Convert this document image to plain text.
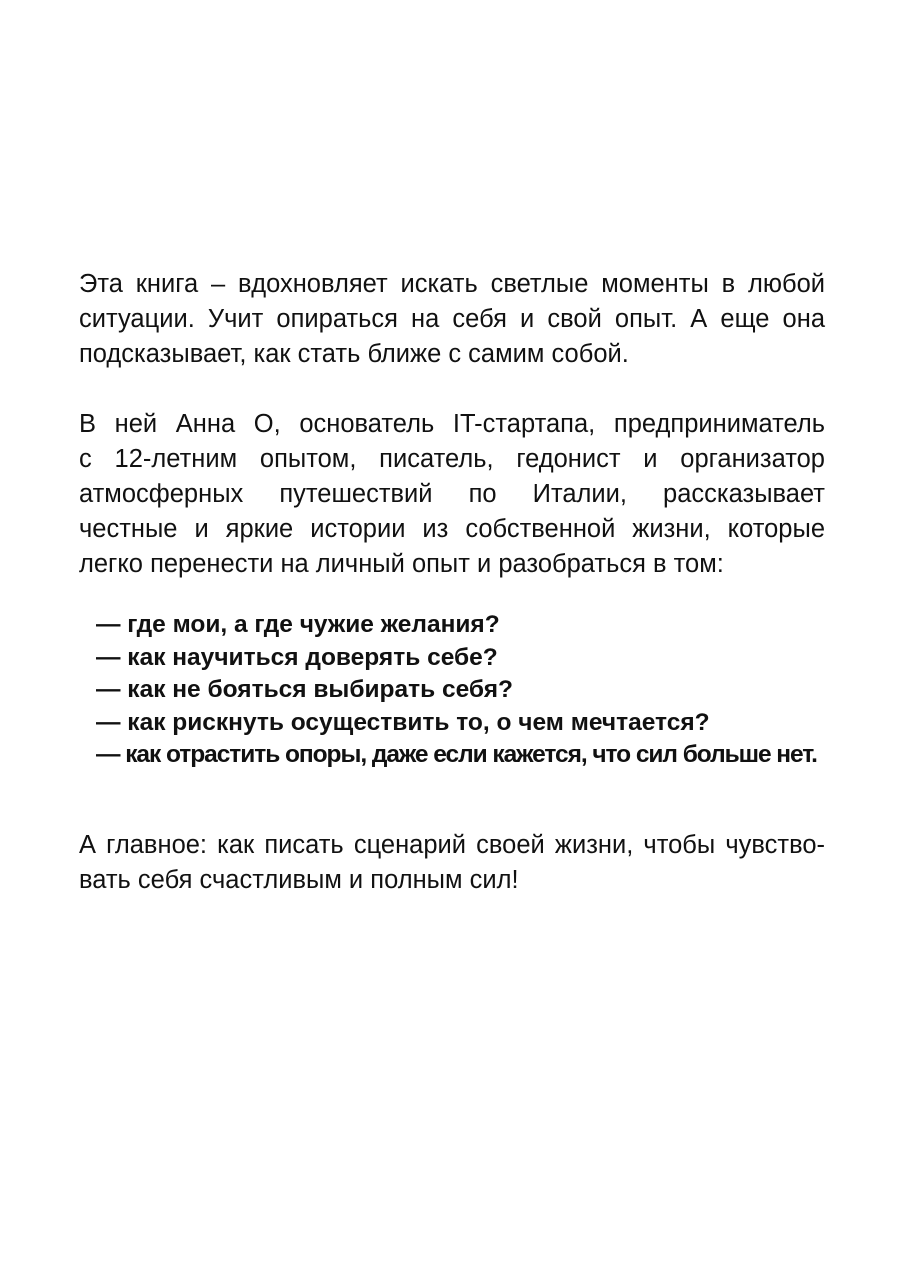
Эта книга – вдохновляет искать светлые моменты в любой
ситуации. Учит опираться на себя и свой опыт. А еще она
подсказывает, как стать ближе с самим собой.
В ней Анна О, основатель IT-стартапа, предприниматель
с 12-летним опытом, писатель, гедонист и организатор
атмосферных путешествий по Италии, рассказывает
честные и яркие истории из собственной жизни, которые
легко перенести на личный опыт и разобраться в том:
— где мои, а где чужие желания?
— как научиться доверять себе?
— как не бояться выбирать себя?
— как рискнуть осуществить то, о чем мечтается?
— как отрастить опоры, даже если кажется, что сил больше нет.
А главное: как писать сценарий своей жизни, чтобы чувство-
вать себя счастливым и полным сил!
